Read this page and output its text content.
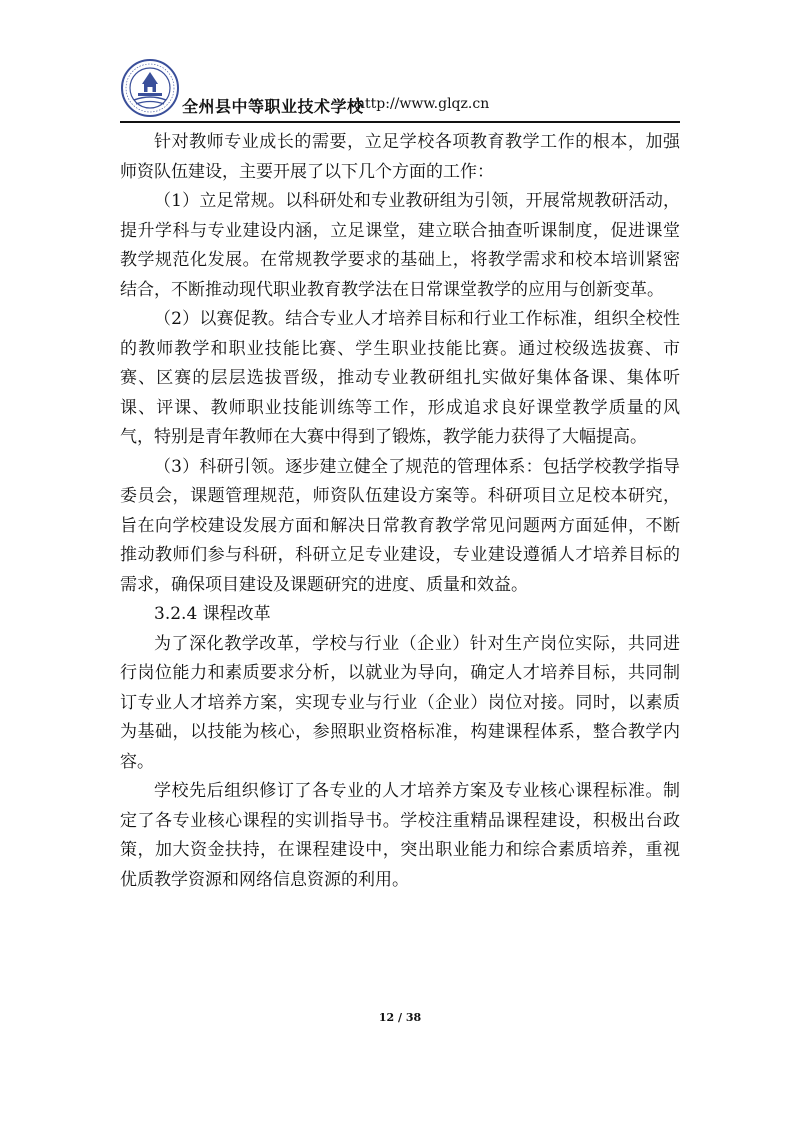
全州县中等职业技术学校
http://www.glqz.cn

针对教师专业成长的需要，立足学校各项教育教学工作的根本，加强师资队伍建设，主要开展了以下几个方面的工作：

（1）立足常规。以科研处和专业教研组为引领，开展常规教研活动，提升学科与专业建设内涵，立足课堂，建立联合抽查听课制度，促进课堂教学规范化发展。在常规教学要求的基础上，将教学需求和校本培训紧密结合，不断推动现代职业教育教学法在日常课堂教学的应用与创新变革。

（2）以赛促教。结合专业人才培养目标和行业工作标准，组织全校性的教师教学和职业技能比赛、学生职业技能比赛。通过校级选拔赛、市赛、区赛的层层选拔晋级，推动专业教研组扎实做好集体备课、集体听课、评课、教师职业技能训练等工作，形成追求良好课堂教学质量的风气，特别是青年教师在大赛中得到了锻炼，教学能力获得了大幅提高。

（3）科研引领。逐步建立健全了规范的管理体系：包括学校教学指导委员会，课题管理规范，师资队伍建设方案等。科研项目立足校本研究，旨在向学校建设发展方面和解决日常教育教学常见问题两方面延伸，不断推动教师们参与科研，科研立足专业建设，专业建设遵循人才培养目标的需求，确保项目建设及课题研究的进度、质量和效益。

3.2.4 课程改革

为了深化教学改革，学校与行业（企业）针对生产岗位实际，共同进行岗位能力和素质要求分析，以就业为导向，确定人才培养目标，共同制订专业人才培养方案，实现专业与行业（企业）岗位对接。同时，以素质为基础，以技能为核心，参照职业资格标准，构建课程体系，整合教学内容。

学校先后组织修订了各专业的人才培养方案及专业核心课程标准。制定了各专业核心课程的实训指导书。学校注重精品课程建设，积极出台政策，加大资金扶持，在课程建设中，突出职业能力和综合素质培养，重视优质教学资源和网络信息资源的利用。

12 / 38
